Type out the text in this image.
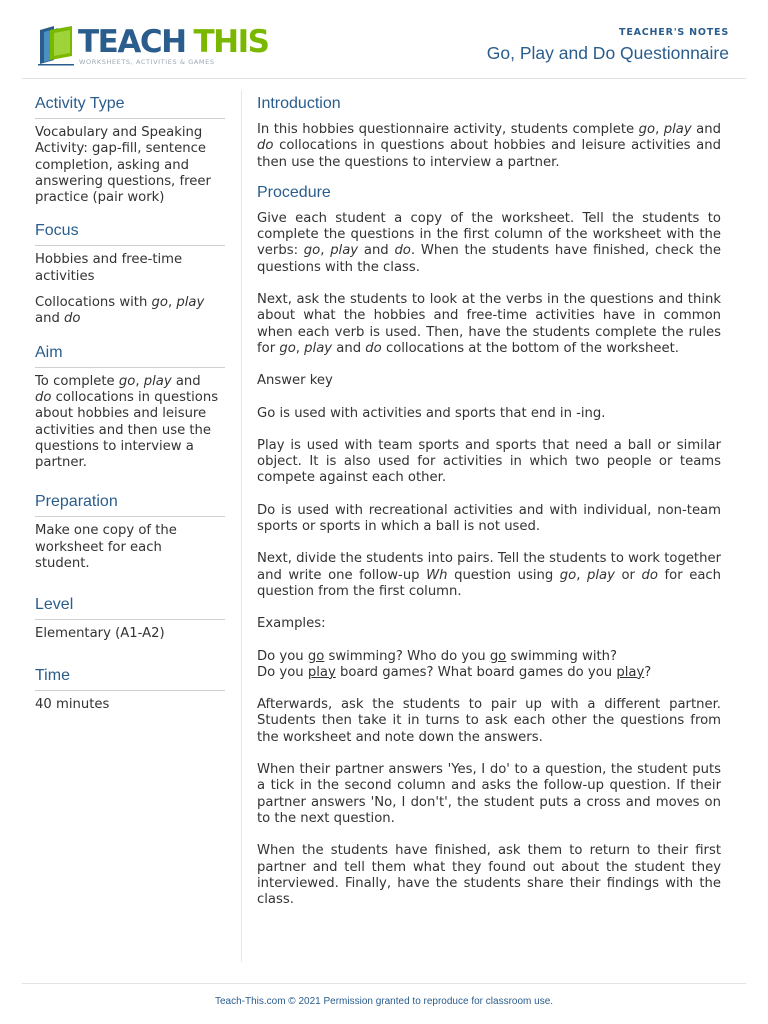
TEACH THIS
WORKSHEETS, ACTIVITIES & GAMES
TEACHER'S NOTES
Go, Play and Do Questionnaire
Activity Type
Vocabulary and Speaking Activity: gap-fill, sentence completion, asking and answering questions, freer practice (pair work)
Focus

Hobbies and free-time activities

Collocations with go, play and do

Aim
To complete go, play and do collocations in questions about hobbies and leisure activities and then use the questions to interview a partner.
Preparation
Make one copy of the worksheet for each student.
Level
Elementary (A1-A2)
Time
40 minutes
Introduction

In this hobbies questionnaire activity, students complete go, play and do collocations in questions about hobbies and leisure activities and then use the questions to interview a partner.

Procedure

Give each student a copy of the worksheet. Tell the students to complete the questions in the first column of the worksheet with the verbs: go, play and do. When the students have finished, check the questions with the class.

Next, ask the students to look at the verbs in the questions and think about what the hobbies and free-time activities have in common when each verb is used. Then, have the students complete the rules for go, play and do collocations at the bottom of the worksheet.

Answer key

Go is used with activities and sports that end in -ing.

Play is used with team sports and sports that need a ball or similar object. It is also used for activities in which two people or teams compete against each other.

Do is used with recreational activities and with individual, non-team sports or sports in which a ball is not used.

Next, divide the students into pairs. Tell the students to work together and write one follow-up Wh question using go, play or do for each question from the first column.

Examples:

Do you go swimming? Who do you go swimming with?

Do you play board games? What board games do you play?

Afterwards, ask the students to pair up with a different partner. Students then take it in turns to ask each other the questions from the worksheet and note down the answers.

When their partner answers 'Yes, I do' to a question, the student puts a tick in the second column and asks the follow-up question. If their partner answers 'No, I don't', the student puts a cross and moves on to the next question.

When the students have finished, ask them to return to their first partner and tell them what they found out about the student they interviewed. Finally, have the students share their findings with the class.

Teach-This.com © 2021 Permission granted to reproduce for classroom use.
